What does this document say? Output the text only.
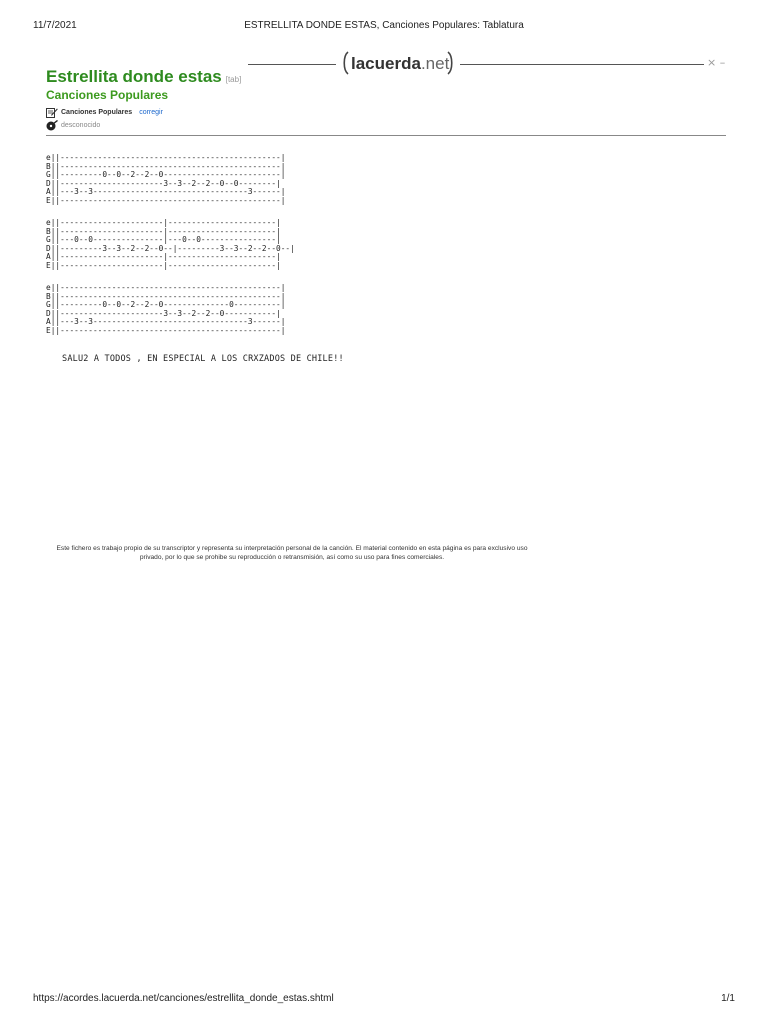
11/7/2021	ESTRELLITA DONDE ESTAS, Canciones Populares: Tablatura
lacuerda.net	× –
Estrellita donde estas [tab]
Canciones Populares
Canciones Populares corregir
desconocido
e||-----------------------------------------------|
B||-----------------------------------------------|
G||---------0--0--2--2--0-------------------------|
D||----------------------3--3--2--2--0--0--------|
A||---3--3---------------------------------3------|
E||-----------------------------------------------|
e||----------------------|-----------------------|
B||----------------------|-----------------------|
G||---0--0---------------|---0--0----------------|
D||---------3--3--2--2--0--|---------3--3--2--2--0--|
A||----------------------|-----------------------|
E||----------------------|-----------------------|
e||-----------------------------------------------|
B||-----------------------------------------------|
G||---------0--0--2--2--0--------------0----------|
D||----------------------3--3--2--2--0-----------|
A||---3--3---------------------------------3------|
E||-----------------------------------------------|
SALU2 A TODOS , EN ESPECIAL A LOS CRXZADOS DE CHILE!!
Este fichero es trabajo propio de su transcriptor y representa su interpretación personal de la canción. El material contenido en esta página es para exclusivo uso privado, por lo que se prohibe su reproducción o retransmisión, así como su uso para fines comerciales.
https://acordes.lacuerda.net/canciones/estrellita_donde_estas.shtml	1/1
